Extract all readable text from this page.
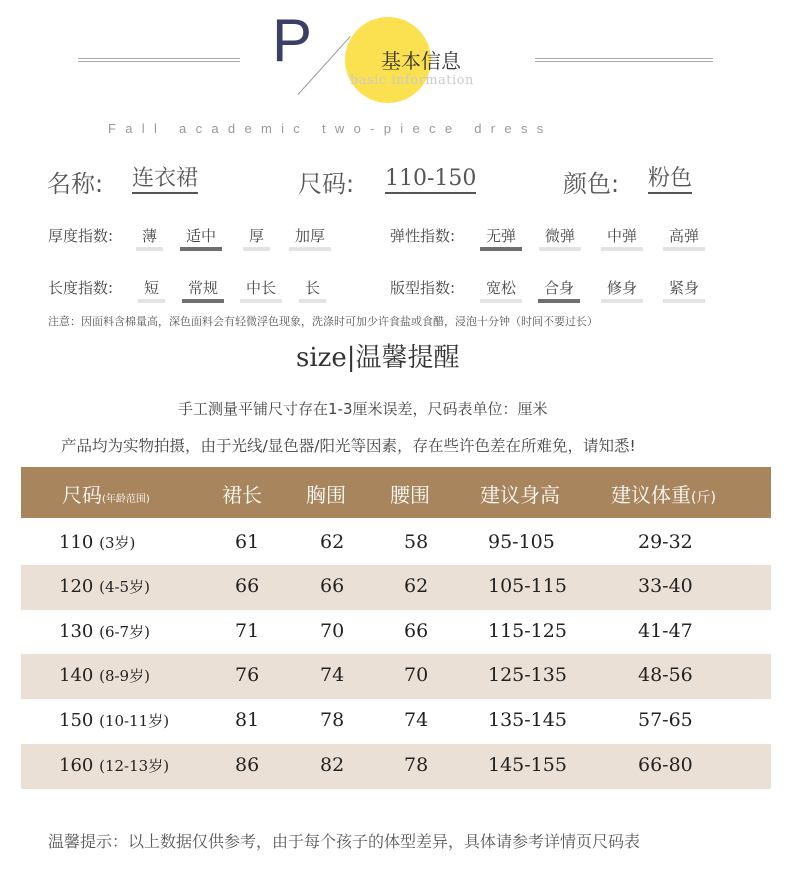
P	基本信息
basic information
Fall academic two-piece dress
名称: 连衣裙	尺码: 110-150	颜色: 粉色
厚度指数: 薄 适中 厚 加厚	弹性指数: 无弹 微弹 中弹 高弹
长度指数: 短 常规 中长 长	版型指数: 宽松 合身 修身 紧身
注意：因面料含棉量高，深色面料会有轻微浮色现象，洗涤时可加少许食盐或食醋，浸泡十分钟（时间不要过长）
size|温馨提醒
手工测量平铺尺寸存在1-3厘米误差，尺码表单位：厘米
产品均为实物拍摄，由于光线/显色器/阳光等因素，存在些许色差在所难免，请知悉!
尺码(年龄范围)	裙长 胸围 腰围	建议身高	建议体重(斤)
110 (3岁)	61	62	58	95-105	29-32
120 (4-5岁)	66	66	62	105-115	33-40
130 (6-7岁)	71	70	66	115-125	41-47
140 (8-9岁)	76	74	70	125-135	48-56
150 (10-11岁)	81	78	74	135-145	57-65
160 (12-13岁)	86	82	78	145-155	66-80
温馨提示：以上数据仅供参考，由于每个孩子的体型差异，具体请参考详情页尺码表
